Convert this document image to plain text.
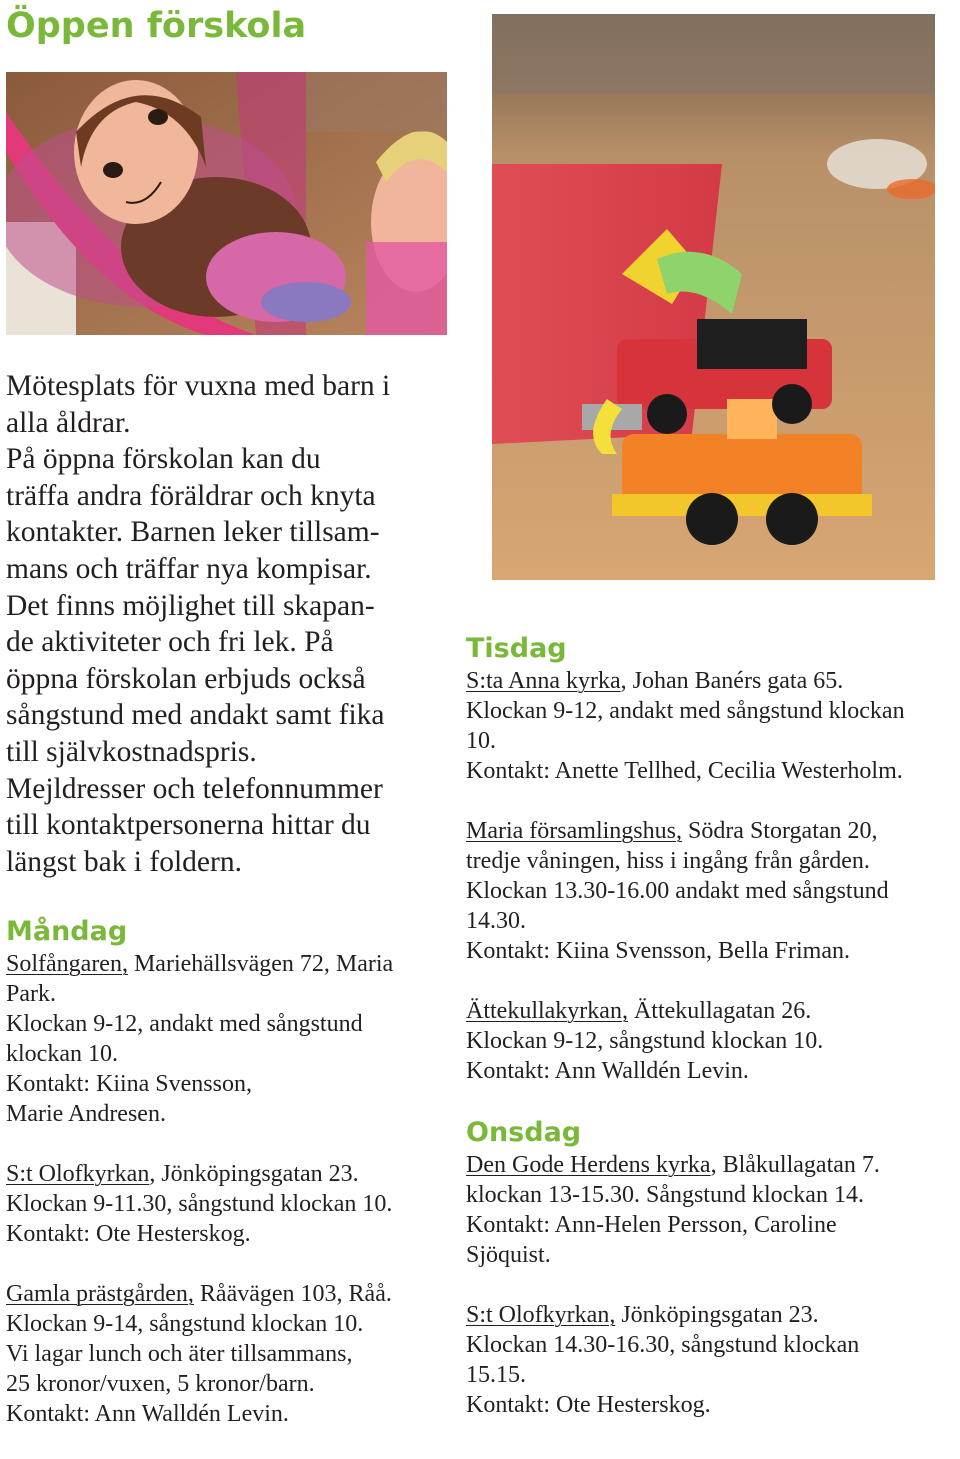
Öppen förskola
Mötesplats för vuxna med barn i
alla åldrar.
På öppna förskolan kan du
träffa andra föräldrar och knyta
kontakter. Barnen leker tillsam-
mans och träffar nya kompisar.
Det finns möjlighet till skapan-
de aktiviteter och fri lek. På
öppna förskolan erbjuds också
sångstund med andakt samt fika
till självkostnadspris.
Mejldresser och telefonnummer
till kontaktpersonerna hittar du
längst bak i foldern.
Måndag
Solfångaren, Mariehällsvägen 72, Maria
Park.
Klockan 9-12, andakt med sångstund
klockan 10.
Kontakt: Kiina Svensson,
Marie Andresen.
S:t Olofkyrkan, Jönköpingsgatan 23.
Klockan 9-11.30, sångstund klockan 10.
Kontakt: Ote Hesterskog.
Gamla prästgården, Råävägen 103, Råå.
Klockan 9-14, sångstund klockan 10.
Vi lagar lunch och äter tillsammans,
25 kronor/vuxen, 5 kronor/barn.
Kontakt: Ann Walldén Levin.
Tisdag
S:ta Anna kyrka, Johan Banérs gata 65.
Klockan 9-12, andakt med sångstund klockan
10.
Kontakt: Anette Tellhed, Cecilia Westerholm.
Maria församlingshus, Södra Storgatan 20,
tredje våningen, hiss i ingång från gården.
Klockan 13.30-16.00 andakt med sångstund
14.30.
Kontakt: Kiina Svensson, Bella Friman.
Ättekullakyrkan, Ättekullagatan 26.
Klockan 9-12, sångstund klockan 10.
Kontakt: Ann Walldén Levin.
Onsdag
Den Gode Herdens kyrka, Blåkullagatan 7.
klockan 13-15.30. Sångstund klockan 14.
Kontakt: Ann-Helen Persson, Caroline
Sjöquist.
S:t Olofkyrkan, Jönköpingsgatan 23.
Klockan 14.30-16.30, sångstund klockan
15.15.
Kontakt: Ote Hesterskog.
